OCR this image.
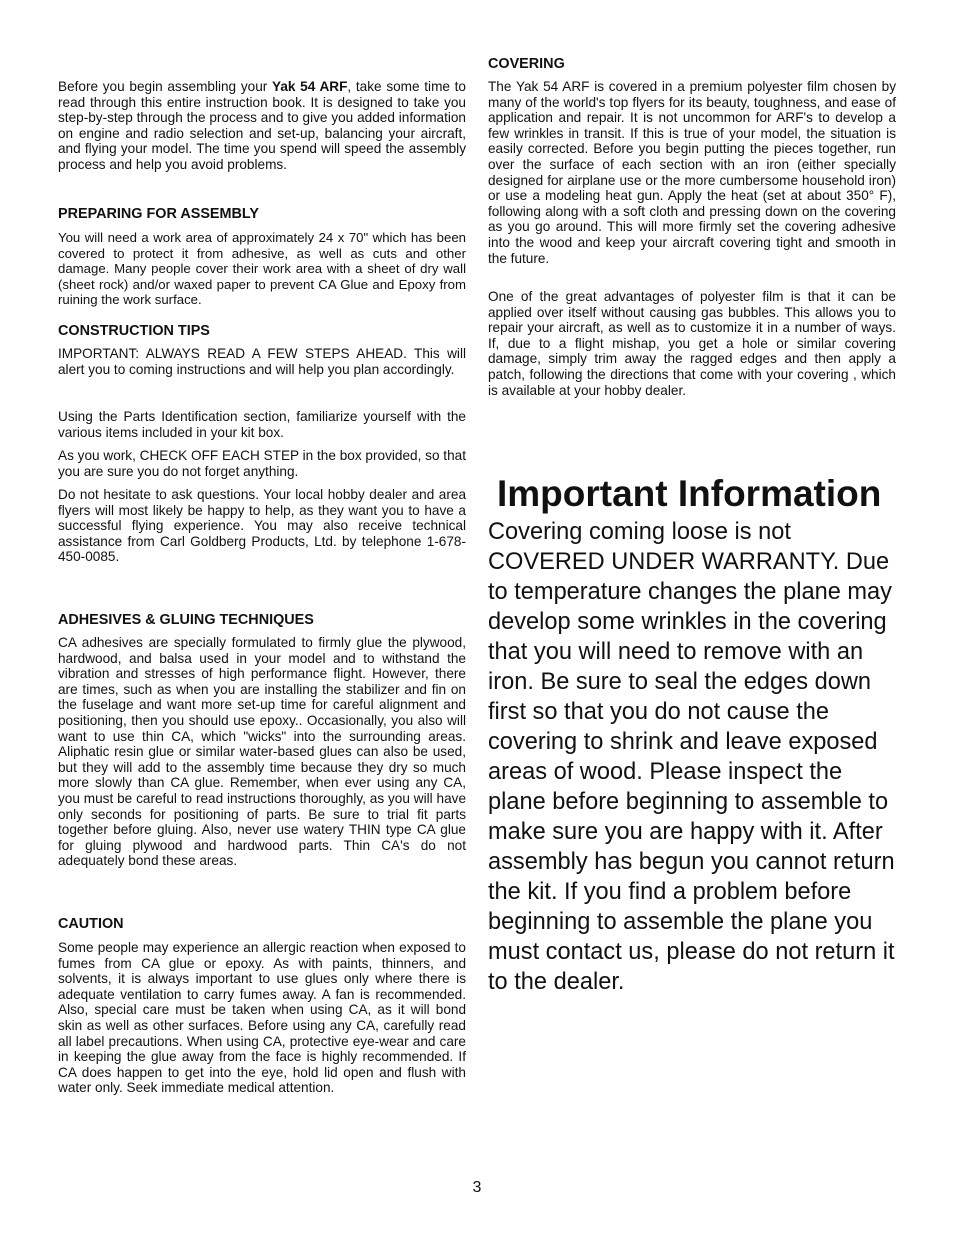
Before you begin assembling your Yak 54 ARF, take some time to read through this entire instruction book. It is designed to take you step-by-step through the process and to give you added information on engine and radio selection and set-up, balancing your aircraft, and flying your model. The time you spend will speed the assembly process and help you avoid problems.

PREPARING FOR ASSEMBLY

You will need a work area of approximately 24 x 70" which has been covered to protect it from adhesive, as well as cuts and other damage. Many people cover their work area with a sheet of dry wall (sheet rock) and/or waxed paper to prevent CA Glue and Epoxy from ruining the work surface.

CONSTRUCTION TIPS

IMPORTANT: ALWAYS READ A FEW STEPS AHEAD. This will alert you to coming instructions and will help you plan accordingly.

Using the Parts Identification section, familiarize yourself with the various items included in your kit box.

As you work, CHECK OFF EACH STEP in the box provided, so that you are sure you do not forget anything.

Do not hesitate to ask questions. Your local hobby dealer and area flyers will most likely be happy to help, as they want you to have a successful flying experience. You may also receive technical assistance from Carl Goldberg Products, Ltd. by telephone 1-678-450-0085.

ADHESIVES & GLUING TECHNIQUES

CA adhesives are specially formulated to firmly glue the plywood, hardwood, and balsa used in your model and to withstand the vibration and stresses of high performance flight. However, there are times, such as when you are installing the stabilizer and fin on the fuselage and want more set-up time for careful alignment and positioning, then you should use epoxy.. Occasionally, you also will want to use thin CA, which "wicks" into the surrounding areas. Aliphatic resin glue or similar water-based glues can also be used, but they will add to the assembly time because they dry so much more slowly than CA glue. Remember, when ever using any CA, you must be careful to read instructions thoroughly, as you will have only seconds for positioning of parts. Be sure to trial fit parts together before gluing. Also, never use watery THIN type CA glue for gluing plywood and hardwood parts. Thin CA's do not adequately bond these areas.

CAUTION

Some people may experience an allergic reaction when exposed to fumes from CA glue or epoxy. As with paints, thinners, and solvents, it is always important to use glues only where there is adequate ventilation to carry fumes away. A fan is recommended. Also, special care must be taken when using CA, as it will bond skin as well as other surfaces. Before using any CA, carefully read all label precautions. When using CA, protective eye-wear and care in keeping the glue away from the face is highly recommended. If CA does happen to get into the eye, hold lid open and flush with water only. Seek immediate medical attention.

COVERING

The Yak 54 ARF is covered in a premium polyester film chosen by many of the world's top flyers for its beauty, toughness, and ease of application and repair. It is not uncommon for ARF's to develop a few wrinkles in transit. If this is true of your model, the situation is easily corrected. Before you begin putting the pieces together, run over the surface of each section with an iron (either specially designed for airplane use or the more cumbersome household iron) or use a modeling heat gun. Apply the heat (set at about 350° F), following along with a soft cloth and pressing down on the covering as you go around. This will more firmly set the covering adhesive into the wood and keep your aircraft covering tight and smooth in the future.

One of the great advantages of polyester film is that it can be applied over itself without causing gas bubbles. This allows you to repair your aircraft, as well as to customize it in a number of ways. If, due to a flight mishap, you get a hole or similar covering damage, simply trim away the ragged edges and then apply a patch, following the directions that come with your covering , which is available at your hobby dealer.

Important Information

Covering coming loose is not COVERED UNDER WARRANTY. Due to temperature changes the plane may develop some wrinkles in the covering that you will need to remove with an iron. Be sure to seal the edges down first so that you do not cause the covering to shrink and leave exposed areas of wood. Please inspect the plane before beginning to assemble to make sure you are happy with it. After assembly has begun you cannot return the kit. If you find a problem before beginning to assemble the plane you must contact us, please do not return it to the dealer.

3
